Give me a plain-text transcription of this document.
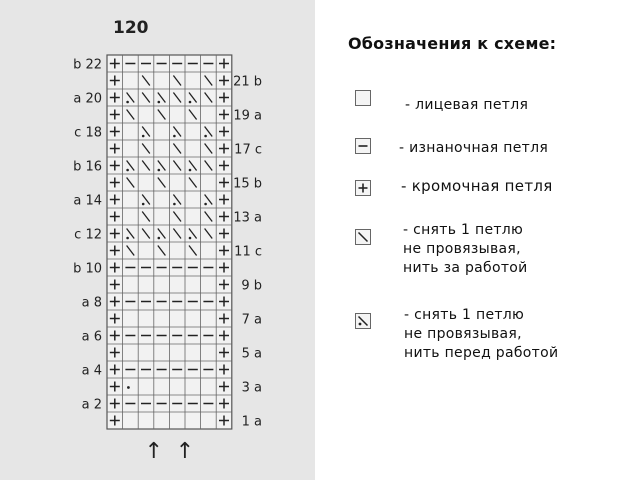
120
b 22
a 20
c 18
b 16
a 14
c 12
b 10
a 8
a 6
a 4
a 2
21 b
19 a
17 c
15 b
13 a
11 c
9 b
7 a
5 a
3 a
1 a
↑ ↑
Обозначения к схеме:
- лицевая петля
- изнаночная петля
- кромочная петля
- снять 1 петлю
не провязывая,
нить за работой
- снять 1 петлю
не провязывая,
нить перед работой
